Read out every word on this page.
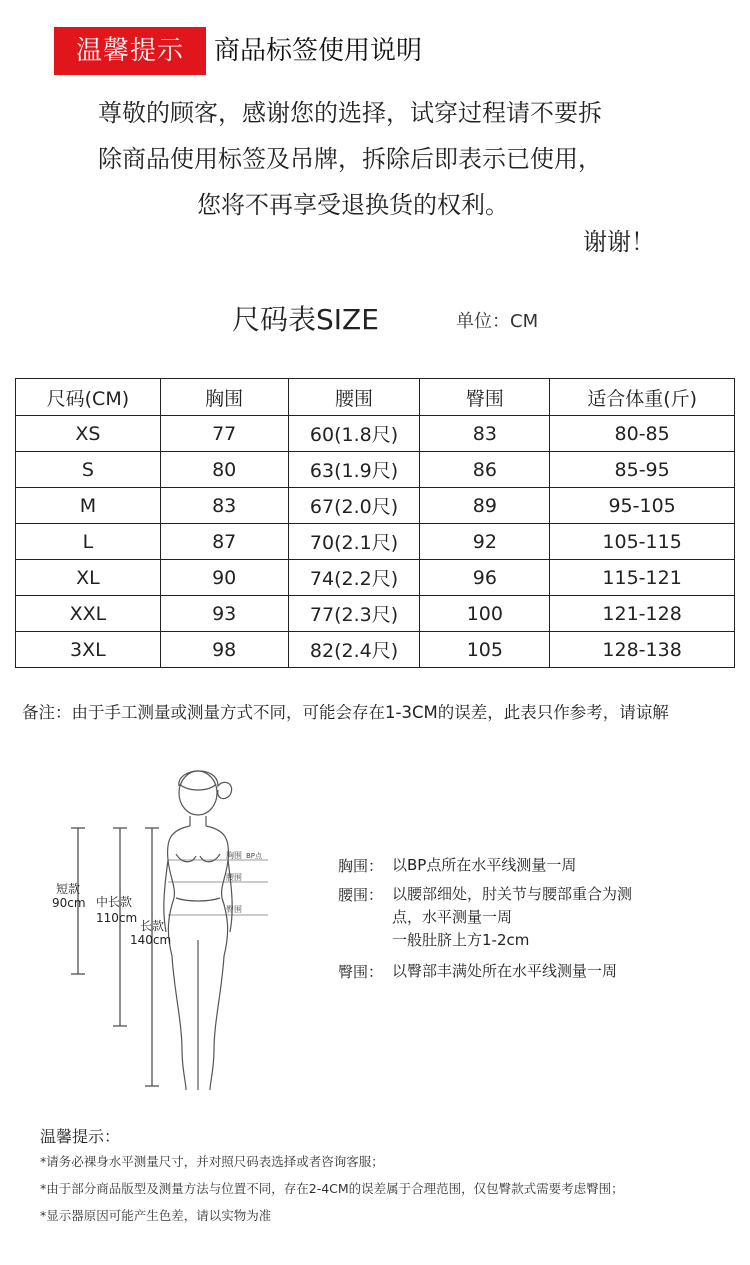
温馨提示	商品标签使用说明
尊敬的顾客，感谢您的选择，试穿过程请不要拆
除商品使用标签及吊牌，拆除后即表示已使用，
您将不再享受退换货的权利。
谢谢！
尺码表SIZE	单位：CM
尺码(CM)	胸围	腰围	臀围	适合体重(斤)
XS	77	60(1.8尺)	83	80-85
S	80	63(1.9尺)	86	85-95
M	83	67(2.0尺)	89	95-105
L	87	70(2.1尺)	92	105-115
XL	90	74(2.2尺)	96	115-121
XXL	93	77(2.3尺)	100	121-128
3XL	98	82(2.4尺)	105	128-138
备注：由于手工测量或测量方式不同，可能会存在1-3CM的误差，此表只作参考，请谅解
短款
90cm 中长款
110cm
长款
140cm
胸围 BP点
腰围
臀围
胸围： 以BP点所在水平线测量一周
腰围： 以腰部细处，肘关节与腰部重合为测
点，水平测量一周
一般肚脐上方1-2cm
臀围： 以臀部丰满处所在水平线测量一周
温馨提示：
*请务必裸身水平测量尺寸，并对照尺码表选择或者咨询客服；
*由于部分商品版型及测量方法与位置不同，存在2-4CM的误差属于合理范围，仅包臀款式需要考虑臀围；
*显示器原因可能产生色差，请以实物为准
